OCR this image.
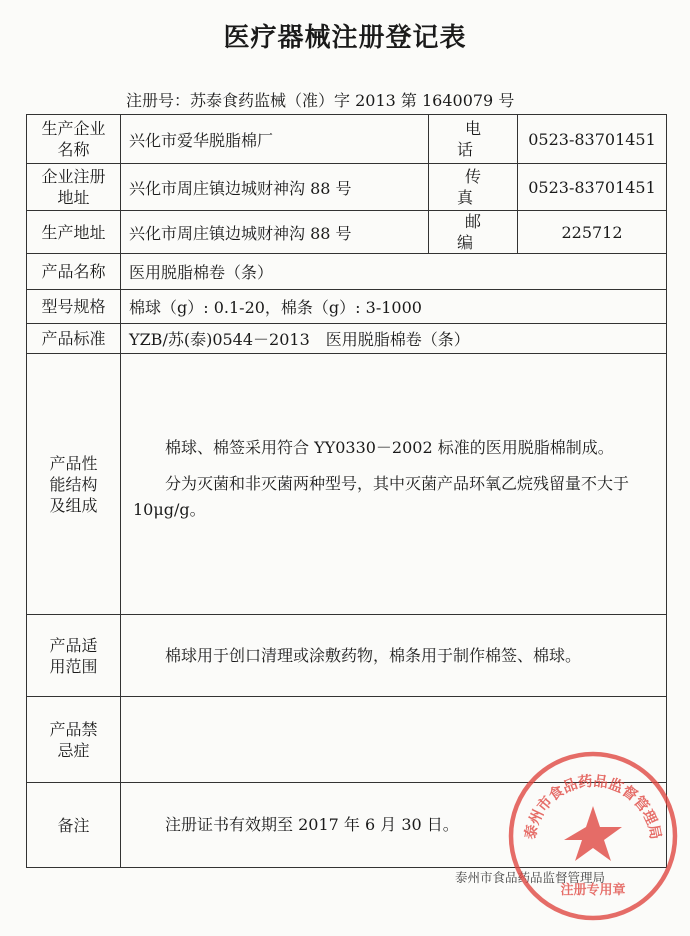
医疗器械注册登记表
注册号：苏泰食药监械（准）字 2013 第 1640079 号
生产企业名称	兴化市爱华脱脂棉厂	电 话	0523-83701451
企业注册地址	兴化市周庄镇边城财神沟 88 号	传 真	0523-83701451
生产地址	兴化市周庄镇边城财神沟 88 号	邮 编	225712
产品名称	医用脱脂棉卷（条）		
型号规格	棉球（g）: 0.1-20，棉条（g）: 3-1000		
产品标准	YZB/苏(泰)0544－2013　医用脱脂棉卷（条）		

产品性能结构及组成	棉球、棉签采用符合 YY0330－2002 标准的医用脱脂棉制成。

分为灭菌和非灭菌两种型号，其中灭菌产品环氧乙烷残留量不大于 10μg/g。		

产品适用范围	棉球用于创口清理或涂敷药物，棉条用于制作棉签、棉球。		

产品禁忌症			

备注	注册证书有效期至 2017 年 6 月 30 日。		

泰州市食品药品监督管理局
泰州市食品药品监督管理局
注册专用章
